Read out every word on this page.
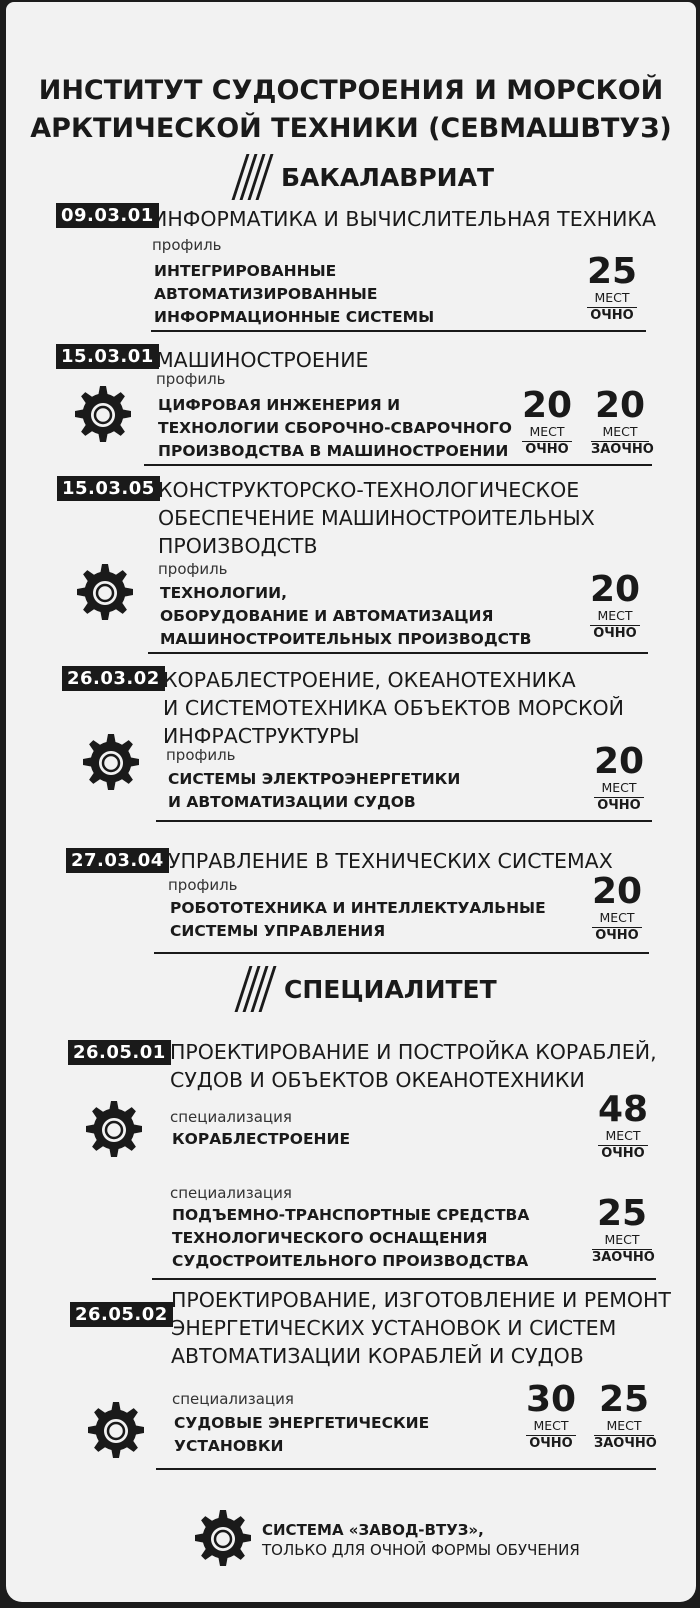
ИНСТИТУТ СУДОСТРОЕНИЯ И МОРСКОЙ
АРКТИЧЕСКОЙ ТЕХНИКИ (СЕВМАШВТУЗ)
БАКАЛАВРИАТ
09.03.01
ИНФОРМАТИКА И ВЫЧИСЛИТЕЛЬНАЯ ТЕХНИКА
профиль
ИНТЕГРИРОВАННЫЕ
АВТОМАТИЗИРОВАННЫЕ
ИНФОРМАЦИОННЫЕ СИСТЕМЫ
25
МЕСТ
ОЧНО
15.03.01 МАШИНОСТРОЕНИЕ
профиль
ЦИФРОВАЯ ИНЖЕНЕРИЯ И
ТЕХНОЛОГИИ СБОРОЧНО-СВАРОЧНОГО
ПРОИЗВОДСТВА В МАШИНОСТРОЕНИИ
20
МЕСТ
ОЧНО
20
МЕСТ
ЗАОЧНО
15.03.05 КОНСТРУКТОРСКО-ТЕХНОЛОГИЧЕСКОЕ
ОБЕСПЕЧЕНИЕ МАШИНОСТРОИТЕЛЬНЫХ
ПРОИЗВОДСТВ
профиль
ТЕХНОЛОГИИ,
ОБОРУДОВАНИЕ И АВТОМАТИЗАЦИЯ
МАШИНОСТРОИТЕЛЬНЫХ ПРОИЗВОДСТВ
20
МЕСТ
ОЧНО
26.03.02 КОРАБЛЕСТРОЕНИЕ, ОКЕАНОТЕХНИКА
И СИСТЕМОТЕХНИКА ОБЪЕКТОВ МОРСКОЙ
ИНФРАСТРУКТУРЫ
профиль
СИСТЕМЫ ЭЛЕКТРОЭНЕРГЕТИКИ
И АВТОМАТИЗАЦИИ СУДОВ
20
МЕСТ
ОЧНО
27.03.04 УПРАВЛЕНИЕ В ТЕХНИЧЕСКИХ СИСТЕМАХ
профиль
РОБОТОТЕХНИКА И ИНТЕЛЛЕКТУАЛЬНЫЕ
СИСТЕМЫ УПРАВЛЕНИЯ
20
МЕСТ
ОЧНО
СПЕЦИАЛИТЕТ
26.05.01 ПРОЕКТИРОВАНИЕ И ПОСТРОЙКА КОРАБЛЕЙ,
СУДОВ И ОБЪЕКТОВ ОКЕАНОТЕХНИКИ
специализация
КОРАБЛЕСТРОЕНИЕ
48
МЕСТ
ОЧНО
специализация
ПОДЪЕМНО-ТРАНСПОРТНЫЕ СРЕДСТВА
ТЕХНОЛОГИЧЕСКОГО ОСНАЩЕНИЯ
СУДОСТРОИТЕЛЬНОГО ПРОИЗВОДСТВА
25
МЕСТ
ЗАОЧНО
26.05.02
ПРОЕКТИРОВАНИЕ, ИЗГОТОВЛЕНИЕ И РЕМОНТ
ЭНЕРГЕТИЧЕСКИХ УСТАНОВОК И СИСТЕМ
АВТОМАТИЗАЦИИ КОРАБЛЕЙ И СУДОВ
специализация
СУДОВЫЕ ЭНЕРГЕТИЧЕСКИЕ
УСТАНОВКИ
30
МЕСТ
ОЧНО
25
МЕСТ
ЗАОЧНО
СИСТЕМА «ЗАВОД-ВТУЗ»,
ТОЛЬКО ДЛЯ ОЧНОЙ ФОРМЫ ОБУЧЕНИЯ
